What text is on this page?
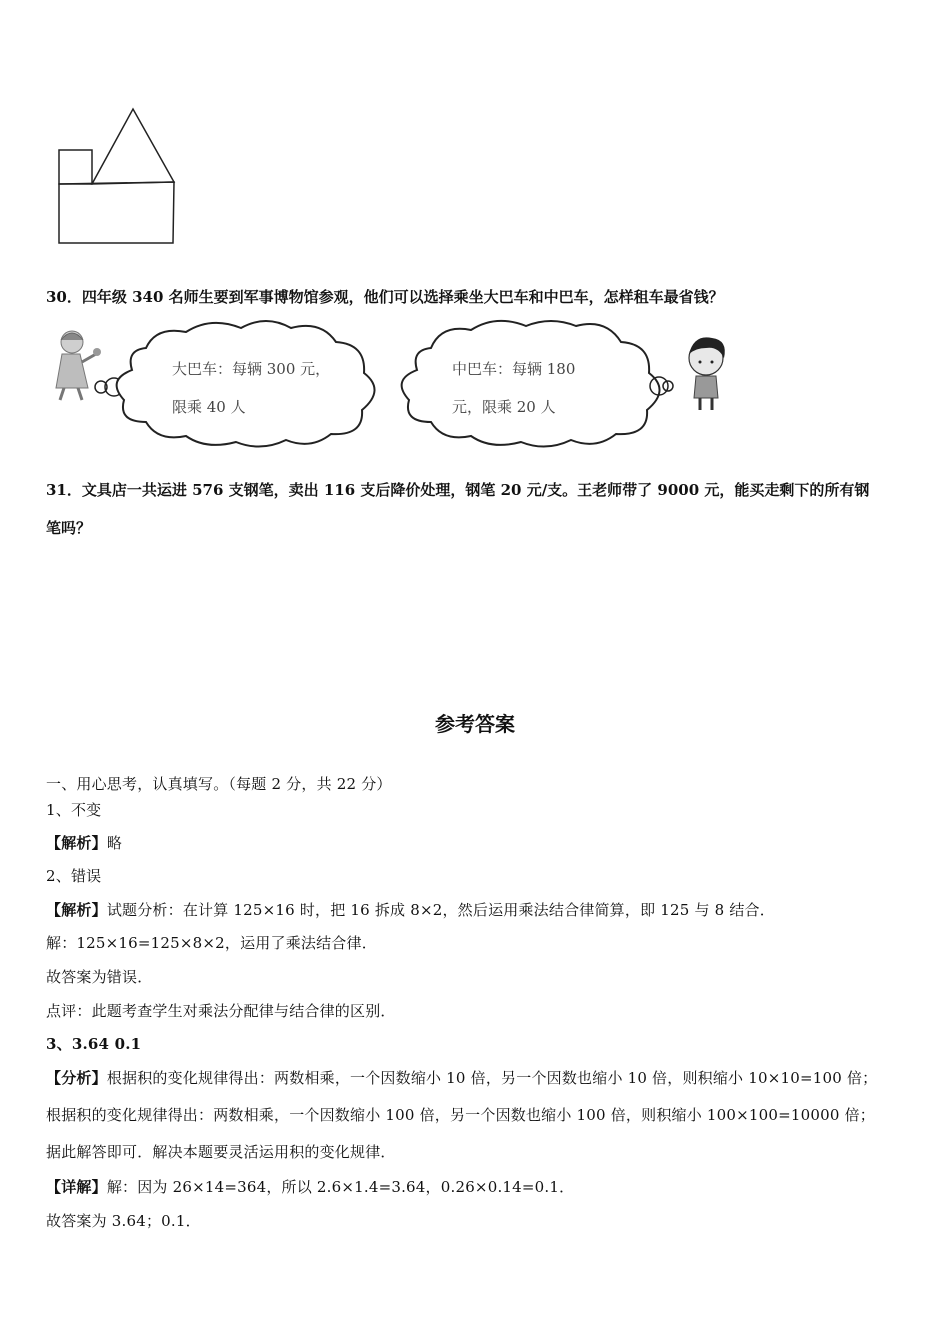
30．四年级 340 名师生要到军事博物馆参观，他们可以选择乘坐大巴车和中巴车，怎样租车最省钱？
大巴车：每辆 300 元，
限乘 40 人
中巴车：每辆 180
元，限乘 20 人
31．文具店一共运进 576 支钢笔，卖出 116 支后降价处理，钢笔 20 元/支。王老师带了 9000 元，能买走剩下的所有钢
笔吗？
参考答案
一、用心思考，认真填写。（每题 2 分，共 22 分）
1、不变
【解析】略
2、错误
【解析】试题分析：在计算 125×16 时，把 16 拆成 8×2，然后运用乘法结合律简算，即 125 与 8 结合．
解：125×16=125×8×2，运用了乘法结合律．
故答案为错误．
点评：此题考查学生对乘法分配律与结合律的区别．
3、3.64 0.1
【分析】根据积的变化规律得出：两数相乘，一个因数缩小 10 倍，另一个因数也缩小 10 倍，则积缩小 10×10=100 倍；
根据积的变化规律得出：两数相乘，一个因数缩小 100 倍，另一个因数也缩小 100 倍，则积缩小 100×100=10000 倍；
据此解答即可．解决本题要灵活运用积的变化规律．
【详解】解：因为 26×14=364，所以 2.6×1.4=3.64，0.26×0.14=0.1．
故答案为 3.64；0.1．
